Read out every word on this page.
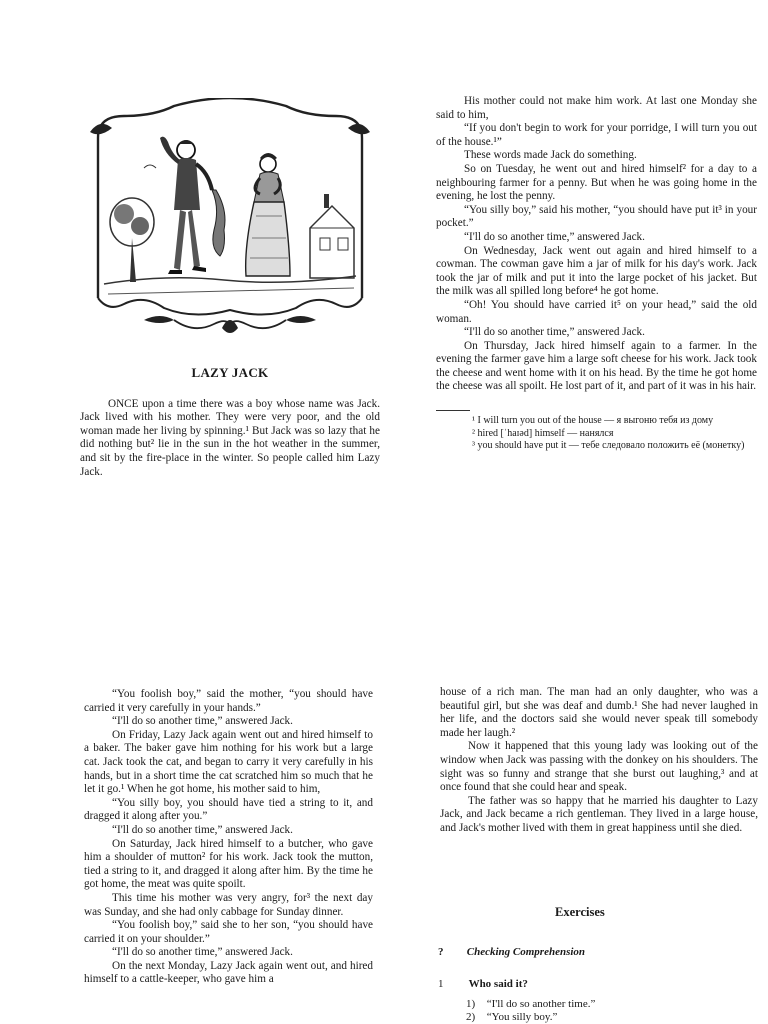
LAZY JACK

ONCE upon a time there was a boy whose name was Jack. Jack lived with his mother. They were very poor, and the old woman made her living by spinning.¹ But Jack was so lazy that he did nothing but² lie in the sun in the hot weather in the summer, and sit by the fire-place in the winter. So people called him Lazy Jack.

His mother could not make him work. At last one Monday she said to him,

“If you don't begin to work for your porridge, I will turn you out of the house.¹”

These words made Jack do something.

So on Tuesday, he went out and hired himself² for a day to a neighbouring farmer for a penny. But when he was going home in the evening, he lost the penny.

“You silly boy,” said his mother, “you should have put it³ in your pocket.”

“I'll do so another time,” answered Jack.

On Wednesday, Jack went out again and hired himself to a cowman. The cowman gave him a jar of milk for his day's work. Jack took the jar of milk and put it into the large pocket of his jacket. But the milk was all spilled long before⁴ he got home.

“Oh! You should have carried it⁵ on your head,” said the old woman.

“I'll do so another time,” answered Jack.

On Thursday, Jack hired himself again to a farmer. In the evening the farmer gave him a large soft cheese for his work. Jack took the cheese and went home with it on his head. By the time he got home the cheese was all spoilt. He lost part of it, and part of it was in his hair.

¹ I will turn you out of the house — я выгоню тебя из дому

² hired [ˈhaɪəd] himself — нанялся

³ you should have put it — тебе следовало положить её (монетку)

“You foolish boy,” said the mother, “you should have carried it very carefully in your hands.”

“I'll do so another time,” answered Jack.

On Friday, Lazy Jack again went out and hired himself to a baker. The baker gave him nothing for his work but a large cat. Jack took the cat, and began to carry it very carefully in his hands, but in a short time the cat scratched him so much that he let it go.¹ When he got home, his mother said to him,

“You silly boy, you should have tied a string to it, and dragged it along after you.”

“I'll do so another time,” answered Jack.

On Saturday, Jack hired himself to a butcher, who gave him a shoulder of mutton² for his work. Jack took the mutton, tied a string to it, and dragged it along after him. By the time he got home, the meat was quite spoilt.

This time his mother was very angry, for³ the next day was Sunday, and she had only cabbage for Sunday dinner.

“You foolish boy,” said she to her son, “you should have carried it on your shoulder.”

“I'll do so another time,” answered Jack.

On the next Monday, Lazy Jack again went out, and hired himself to a cattle-keeper, who gave him a

house of a rich man. The man had an only daughter, who was a beautiful girl, but she was deaf and dumb.¹ She had never laughed in her life, and the doctors said she would never speak till somebody made her laugh.²

Now it happened that this young lady was looking out of the window when Jack was passing with the donkey on his shoulders. The sight was so funny and strange that she burst out laughing,³ and at once found that she could hear and speak.

The father was so happy that he married his daughter to Lazy Jack, and Jack became a rich gentleman. They lived in a large house, and Jack's mother lived with them in great happiness until she died.

Exercises
? Checking Comprehension
1 Who said it?
1) “I'll do so another time.”
2) “You silly boy.”
